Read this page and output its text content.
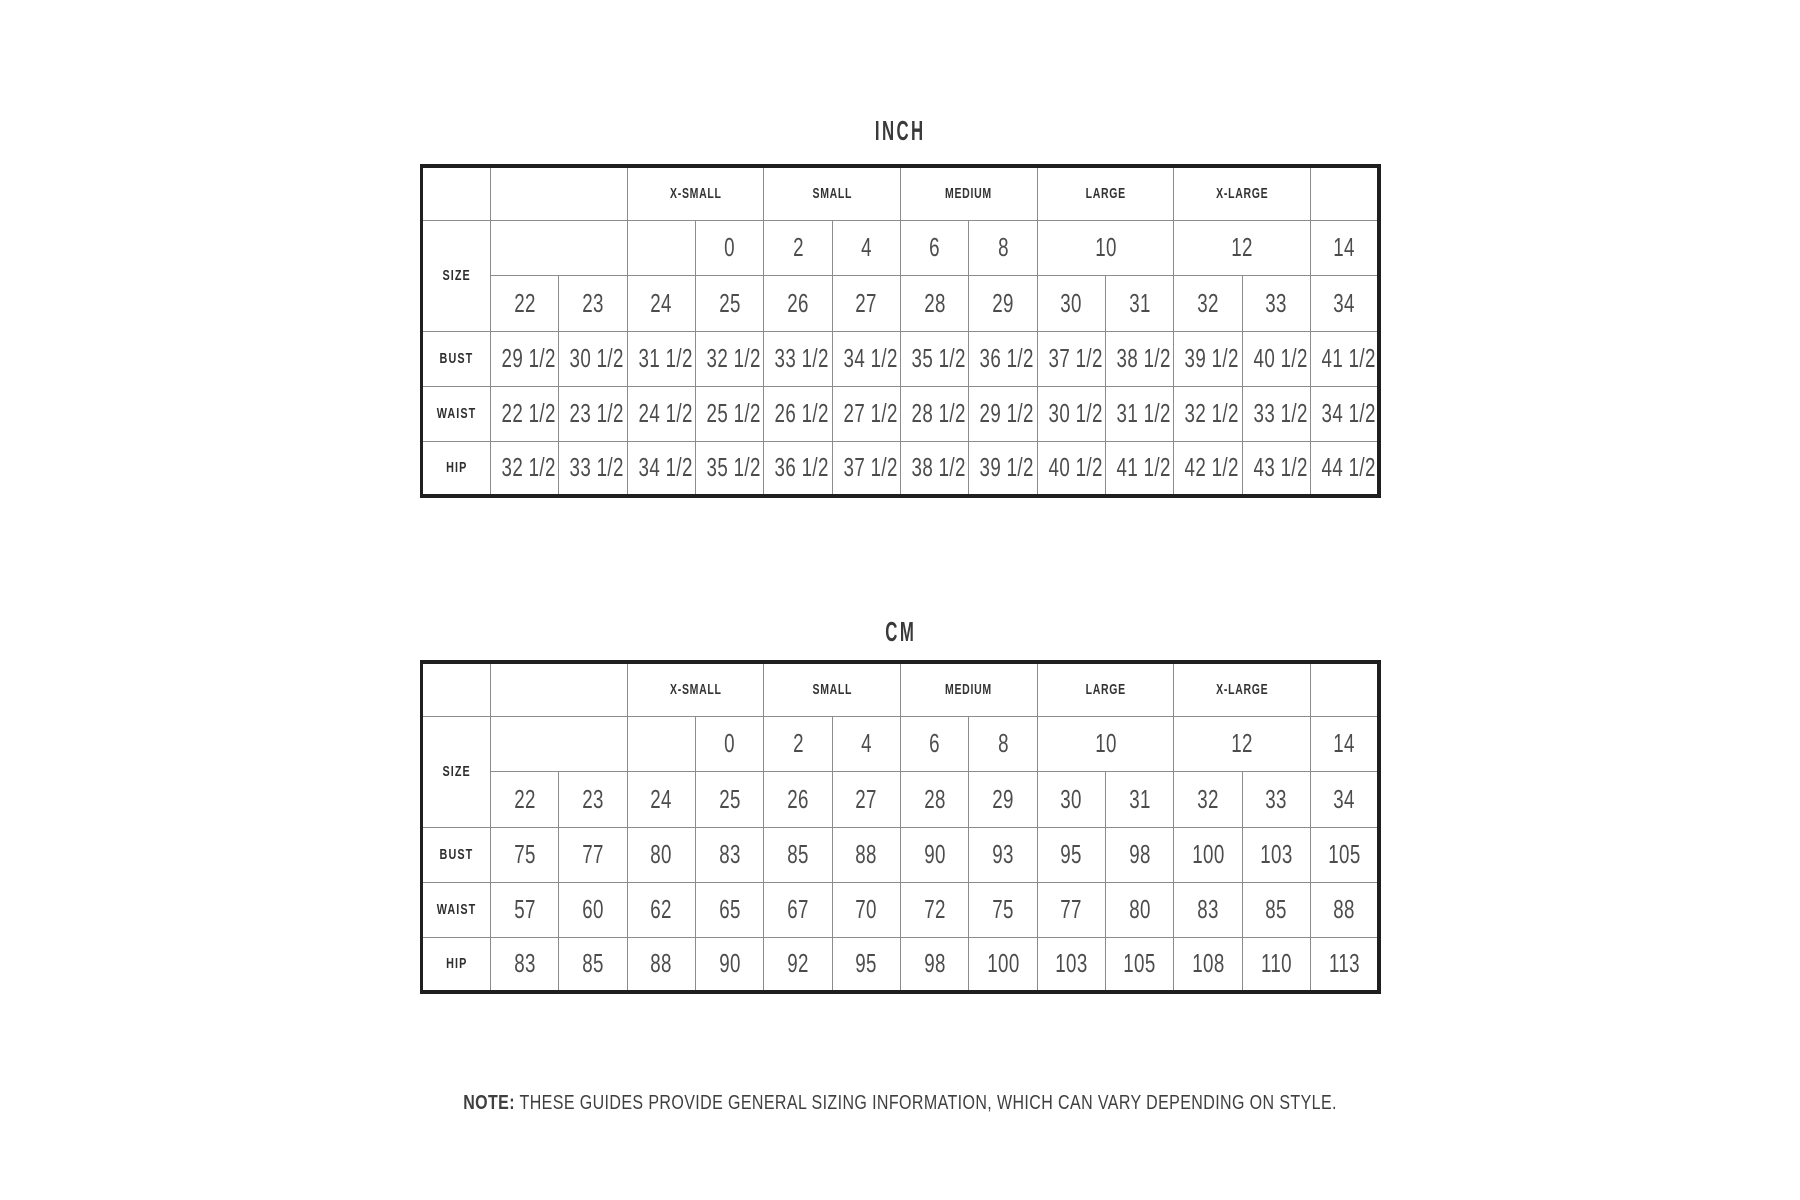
INCH
			X-SMALL		SMALL		MEDIUM		LARGE		X-LARGE		
SIZE				0	2	4	6	8	10		12		14
	22	23	24	25	26	27	28	29	30	31	32	33	34
BUST	29 1/2	30 1/2	31 1/2	32 1/2	33 1/2	34 1/2	35 1/2	36 1/2	37 1/2	38 1/2	39 1/2	40 1/2	41 1/2
WAIST	22 1/2	23 1/2	24 1/2	25 1/2	26 1/2	27 1/2	28 1/2	29 1/2	30 1/2	31 1/2	32 1/2	33 1/2	34 1/2
HIP	32 1/2	33 1/2	34 1/2	35 1/2	36 1/2	37 1/2	38 1/2	39 1/2	40 1/2	41 1/2	42 1/2	43 1/2	44 1/2
CM
			X-SMALL		SMALL		MEDIUM		LARGE		X-LARGE		
SIZE				0	2	4	6	8	10		12		14
	22	23	24	25	26	27	28	29	30	31	32	33	34
BUST	75	77	80	83	85	88	90	93	95	98	100	103	105
WAIST	57	60	62	65	67	70	72	75	77	80	83	85	88
HIP	83	85	88	90	92	95	98	100	103	105	108	110	113
NOTE: THESE GUIDES PROVIDE GENERAL SIZING INFORMATION, WHICH CAN VARY DEPENDING ON STYLE.
